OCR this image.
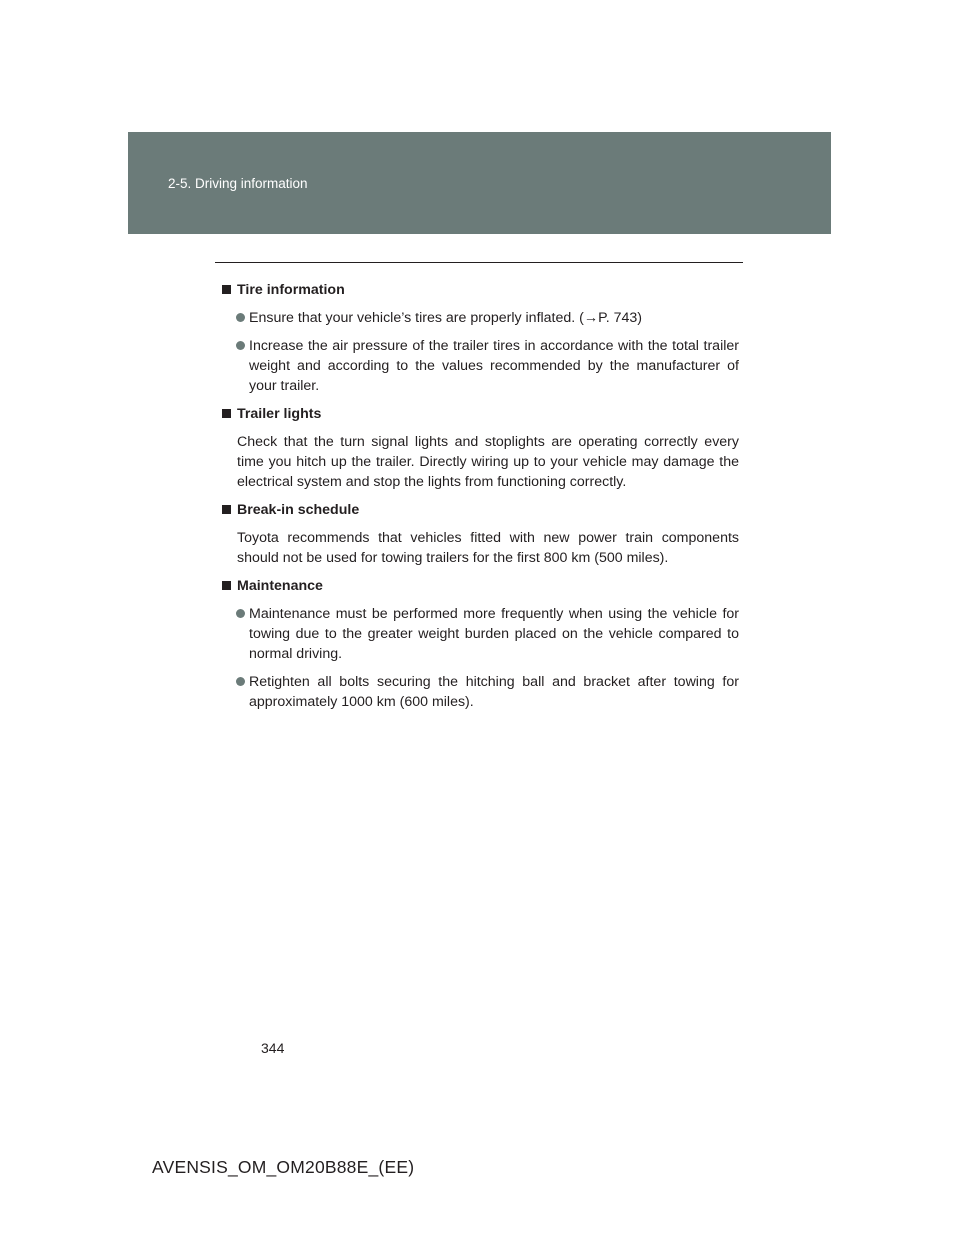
2-5. Driving information
Tire information
Ensure that your vehicle’s tires are properly inflated. (→P. 743)
Increase the air pressure of the trailer tires in accordance with the total trailer weight and according to the values recommended by the manufacturer of your trailer.
Trailer lights
Check that the turn signal lights and stoplights are operating correctly every time you hitch up the trailer. Directly wiring up to your vehicle may damage the electrical system and stop the lights from functioning correctly.
Break-in schedule
Toyota recommends that vehicles fitted with new power train components should not be used for towing trailers for the first 800 km (500 miles).
Maintenance
Maintenance must be performed more frequently when using the vehicle for towing due to the greater weight burden placed on the vehicle compared to normal driving.
Retighten all bolts securing the hitching ball and bracket after towing for approximately 1000 km (600 miles).
344
AVENSIS_OM_OM20B88E_(EE)
